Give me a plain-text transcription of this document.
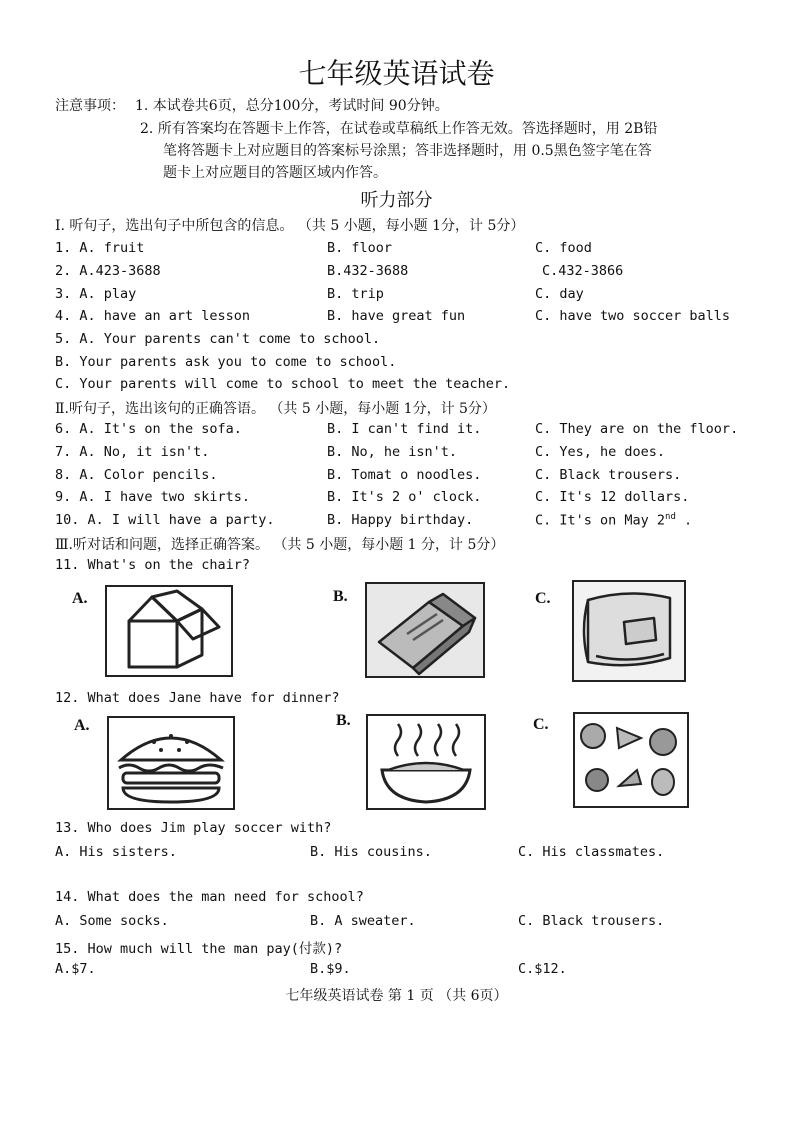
七年级英语试卷
注意事项： 1. 本试卷共6页，总分100分，考试时间 90分钟。
2. 所有答案均在答题卡上作答，在试卷或草稿纸上作答无效。答选择题时，用 2B铅
笔将答题卡上对应题目的答案标号涂黑；答非选择题时，用 0.5黑色签字笔在答
题卡上对应题目的答题区域内作答。
听力部分
I. 听句子，选出句子中所包含的信息。 （共 5 小题，每小题 1分，计 5分）
1. A. fruit	B. floor	C. food
2. A.423-3688	B.432-3688	C.432-3866
3. A. play	B. trip	C. day
4. A. have an art lesson	B. have great fun	C. have two soccer balls
5. A. Your parents can't come to school.
B. Your parents ask you to come to school.
C. Your parents will come to school to meet the teacher.
Ⅱ.听句子，选出该句的正确答语。 （共 5 小题，每小题 1分，计 5分）
6. A. It's on the sofa.	B. I can't find it.	C. They are on the floor.
7. A. No, it isn't.	B. No, he isn't.	C. Yes, he does.
8. A. Color pencils.	B. Tomat o noodles.	C. Black trousers.
9. A. I have two skirts.	B. It's 2 o' clock.	C. It's 12 dollars.
10. A. I will have a party.	B. Happy birthday.	C. It's on May 2nd .
Ⅲ.听对话和问题，选择正确答案。 （共 5 小题，每小题 1 分，计 5分）
11. What's on the chair?
A.	B.	C.
12. What does Jane have for dinner?
A.	B.	C.
13. Who does Jim play soccer with?
A. His sisters.	B. His cousins.	C. His classmates.
14. What does the man need for school?
A. Some socks.	B. A sweater.	C. Black trousers.
15. How much will the man pay(付款)?
A.$7.	B.$9.	C.$12.
七年级英语试卷 第 1 页 （共 6页）
